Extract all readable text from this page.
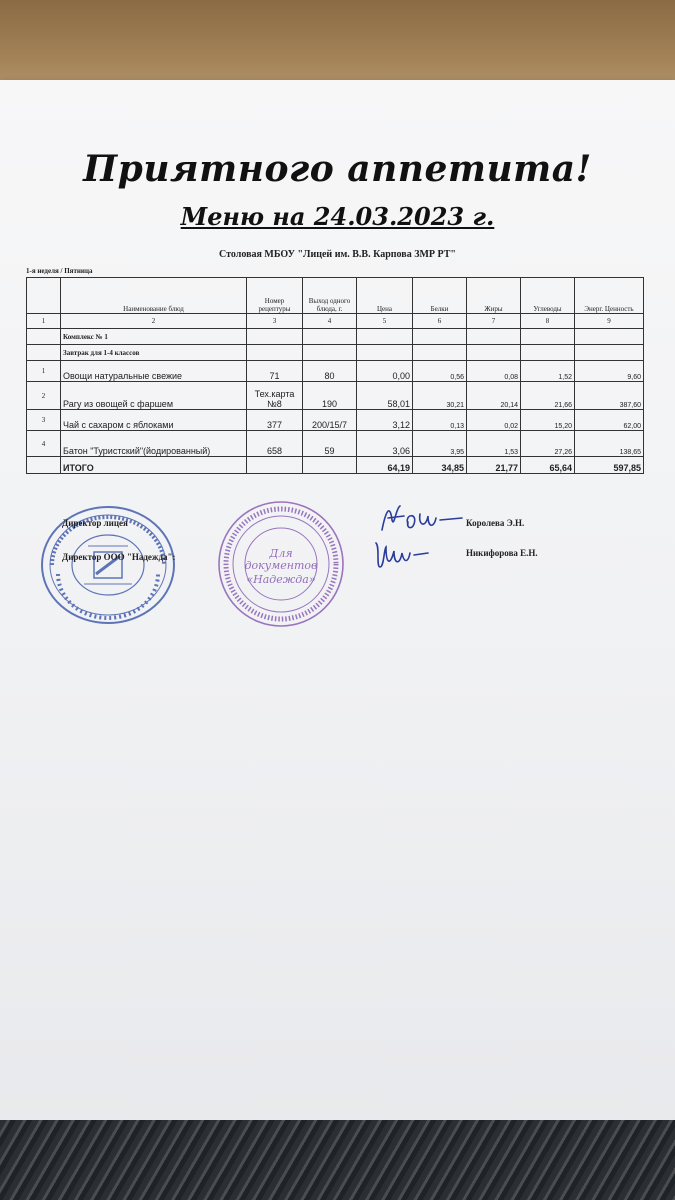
Приятного аппетита!
Меню на 24.03.2023 г.
Столовая МБОУ "Лицей им. В.В. Карпова ЗМР РТ"
1-я неделя / Пятница
	Наименование блюд	Номер рецептуры	Выход одного блюда, г.	Цена	Белки	Жиры	Углеводы	Энерг. Ценность
1	2	3	4	5	6	7	8	9
	Комплекс № 1							
	Завтрак для 1-4 классов							
1	Овощи натуральные свежие	71	80	0,00	0,56	0,08	1,52	9,60
2	Рагу из овощей с фаршем	Тех.карта №8	190	58,01	30,21	20,14	21,66	387,60
3	Чай с сахаром с яблоками	377	200/15/7	3,12	0,13	0,02	15,20	62,00
4	Батон "Туристский"(йодированный)	658	59	3,06	3,95	1,53	27,26	138,65
	ИТОГО			64,19	34,85	21,77	65,64	597,85
Директор лицея
Директор ООО "Надежда":	Для
документов
«Надежда»
Королева Э.Н.
Никифорова Е.Н.
